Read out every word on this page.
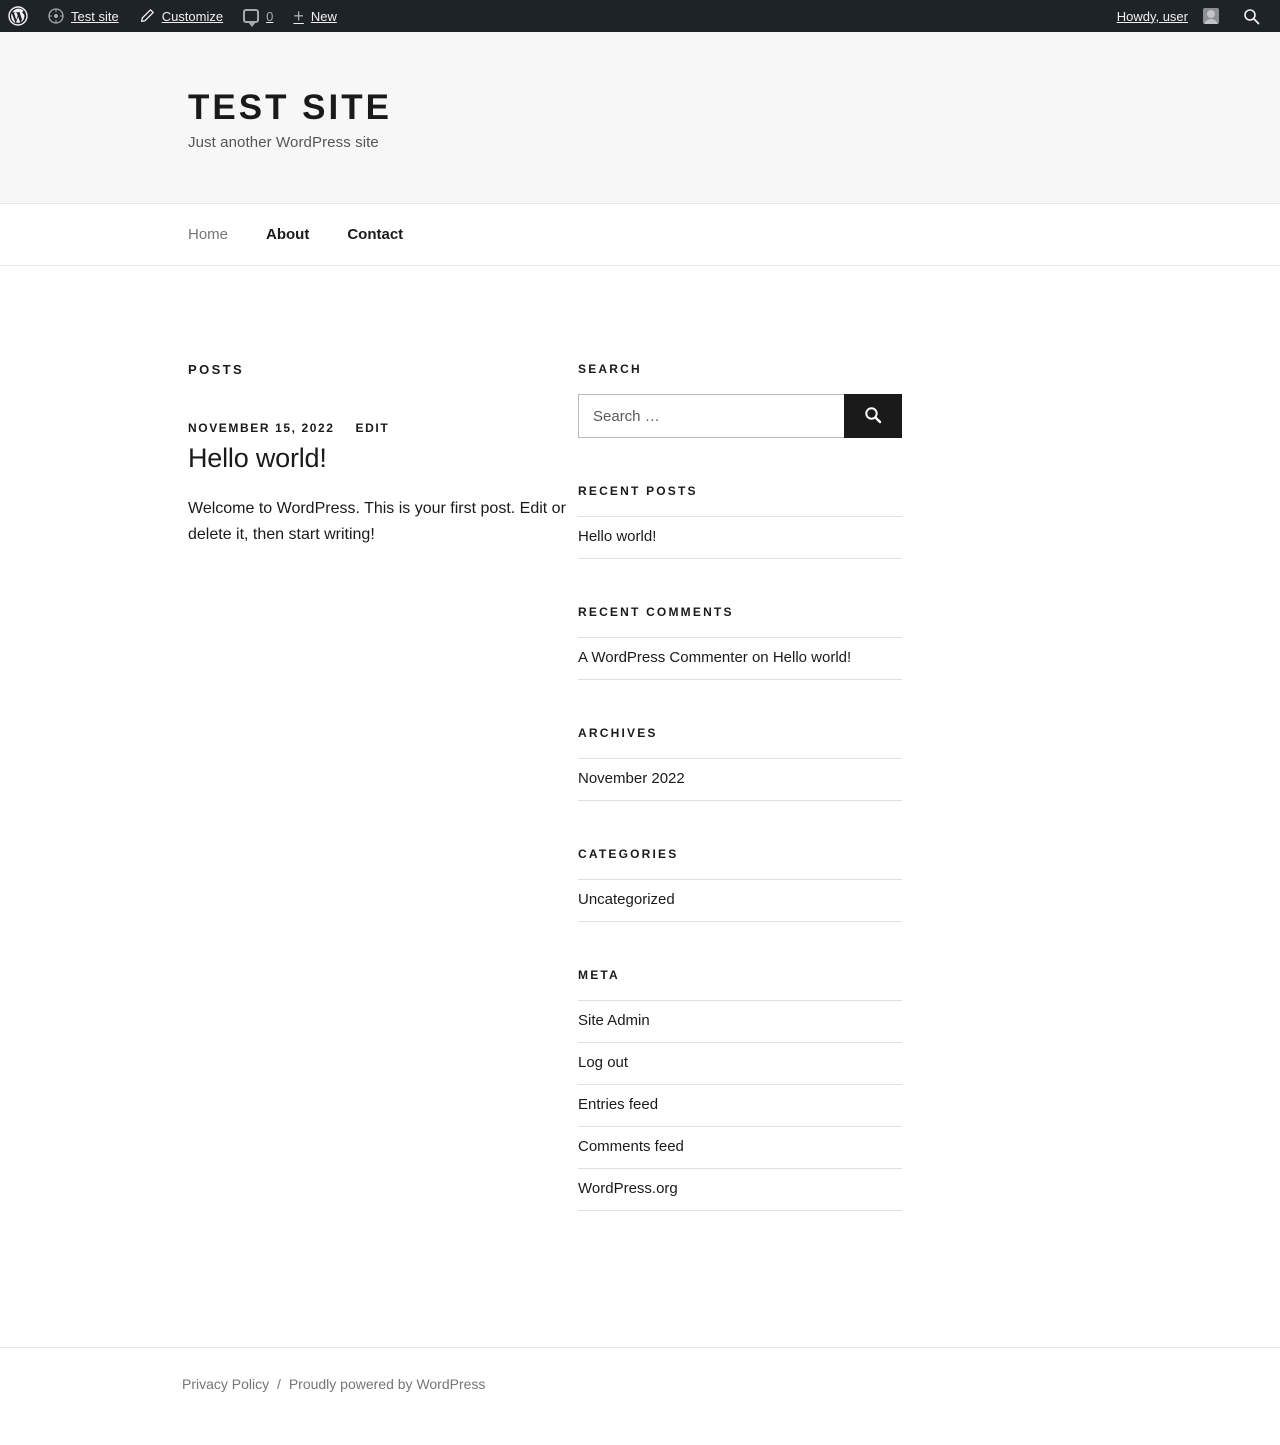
Test site	Customize	0 + New	Howdy, user
TEST SITE

Just another WordPress site

Home	About	Contact
POSTS
NOVEMBER 15, 2022 EDIT
Hello world!
Welcome to WordPress. This is your first post. Edit or delete it, then start writing!
SEARCH
Search …
RECENT POSTS
Hello world!
RECENT COMMENTS
A WordPress Commenter on Hello world!
ARCHIVES
November 2022
CATEGORIES
Uncategorized
META
Site Admin
Log out
Entries feed
Comments feed
WordPress.org
Privacy Policy / Proudly powered by WordPress
